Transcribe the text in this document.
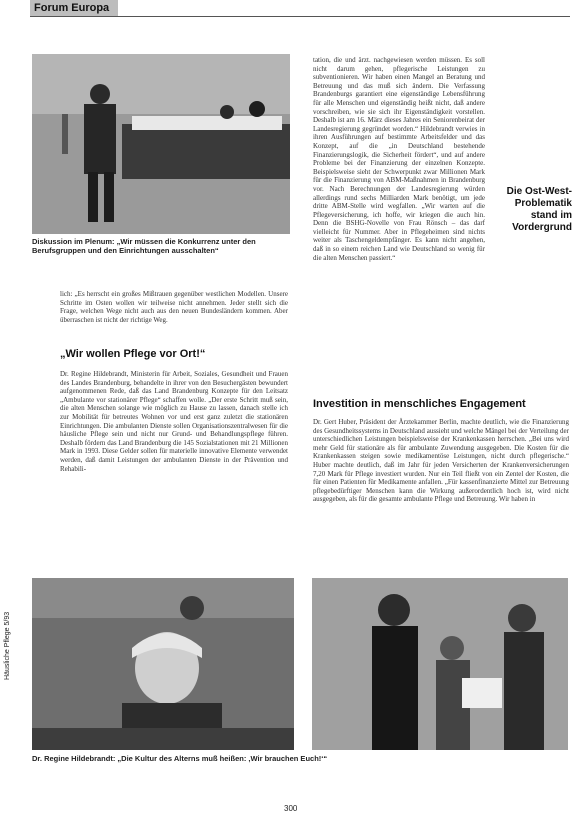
Forum Europa
Diskussion im Plenum: „Wir müssen die Konkurrenz unter den Berufsgruppen und den Einrichtungen ausschalten“
Die Ost-West-Problematik stand im Vordergrund

lich: „Es herrscht ein großes Mißtrauen gegenüber westlichen Modellen. Unsere Schritte im Osten wollen wir teilweise nicht annehmen. Jeder stellt sich die Frage, welchen Wege nicht auch aus den neuen Bundesländern kommen. Aber überraschen ist nicht der richtige Weg.

„Wir wollen Pflege vor Ort!“

Dr. Regine Hildebrandt, Ministerin für Arbeit, Soziales, Gesundheit und Frauen des Landes Brandenburg, behandelte in ihrer von den Besuchergästen bewundert aufgenommenen Rede, daß das Land Brandenburg Konzepte für den Leitsatz „Ambulante vor stationärer Pflege“ schaffen wolle. „Der erste Schritt muß sein, die alten Menschen solange wie möglich zu Hause zu lassen, danach stelle ich zur Mobilität für betreutes Wohnen vor und erst ganz zuletzt die stationären Einrichtungen. Die ambulanten Dienste sollen Organisationszentralwesen für die häusliche Pflege sein und nicht nur Grund- und Behandlungspflege führen. Deshalb fördern das Land Brandenburg die 145 Sozialstationen mit 21 Millionen Mark in 1993. Diese Gelder sollen für materielle innovative Elemente verwendet werden, daß damit Leistungen der ambulanten Dienste in der Prävention und Rehabili-

tation, die und ärzt. nachgewiesen werden müssen. Es soll nicht darum gehen, pflegerische Leistungen zu subventionieren. Wir haben einen Mangel an Beratung und Betreuung und das muß sich ändern. Die Verfassung Brandenburgs garantiert eine eigenständige Lebensführung für alle Menschen und eigenständig heißt nicht, daß andere vorschreiben, wie sie sich ihr Eigenständigkeit vorstellen. Deshalb ist am 16. März dieses Jahres ein Seniorenbeirat der Landesregierung gegründet worden.“ Hildebrandt verwies in ihren Ausführungen auf bestimmte Arbeitsfelder und das Konzept, auf die „in Deutschland bestehende Finanzierungslogik, die Sicherheit fördert“, und auf andere Probleme bei der Finanzierung der einzelnen Konzepte. Beispielsweise sieht der Schwerpunkt zwar Millionen Mark für die Finanzierung von ABM-Maßnahmen in Brandenburg vor. Nach Berechnungen der Landesregierung würden allerdings rund sechs Milliarden Mark benötigt, um jede dritte ABM-Stelle wird wegfallen. „Wir warten auf die Pflegeversicherung, ich hoffe, wir kriegen die auch hin. Denn die BSHG-Novelle von Frau Rönsch – das darf vielleicht für Nummer. Aber in Pflegeheimen sind nichts weiter als Taschengeldempfänger. Es kann nicht angehen, daß in so einem reichen Land wie Deutschland so wenig für die alten Menschen passiert.“

Investition in menschliches Engagement

Dr. Gert Huber, Präsident der Ärztekammer Berlin, machte deutlich, wie die Finanzierung des Gesundheitssystems in Deutschland aussieht und welche Mängel bei der Verteilung der unterschiedlichen Leistungen beispielsweise der Krankenkassen herrschen. „Bei uns wird mehr Geld für stationäre als für ambulante Zuwendung ausgegeben. Die Kosten für die Krankenkassen steigen sowie medikamentöse Leistungen, nicht durch pflegerische.“ Huber machte deutlich, daß im Jahr für jeden Versicherten der Krankenversicherungen 7,20 Mark für Pflege investiert wurden. Nur ein Teil fließt von ein Zentel der Kosten, die für einen Patienten für Medikamente anfallen. „Für kassenfinanzierte Mittel zur Betreuung pflegebedürftiger Menschen kann die Wirkung außerordentlich hoch ist, wird nicht ausgegeben, als für die gesamte ambulante Pflege und Betreuung. Wir haben in

Dr. Regine Hildebrandt: „Die Kultur des Alterns muß heißen: ‚Wir brauchen Euch!‘“
Häusliche Pflege 5/93
300
